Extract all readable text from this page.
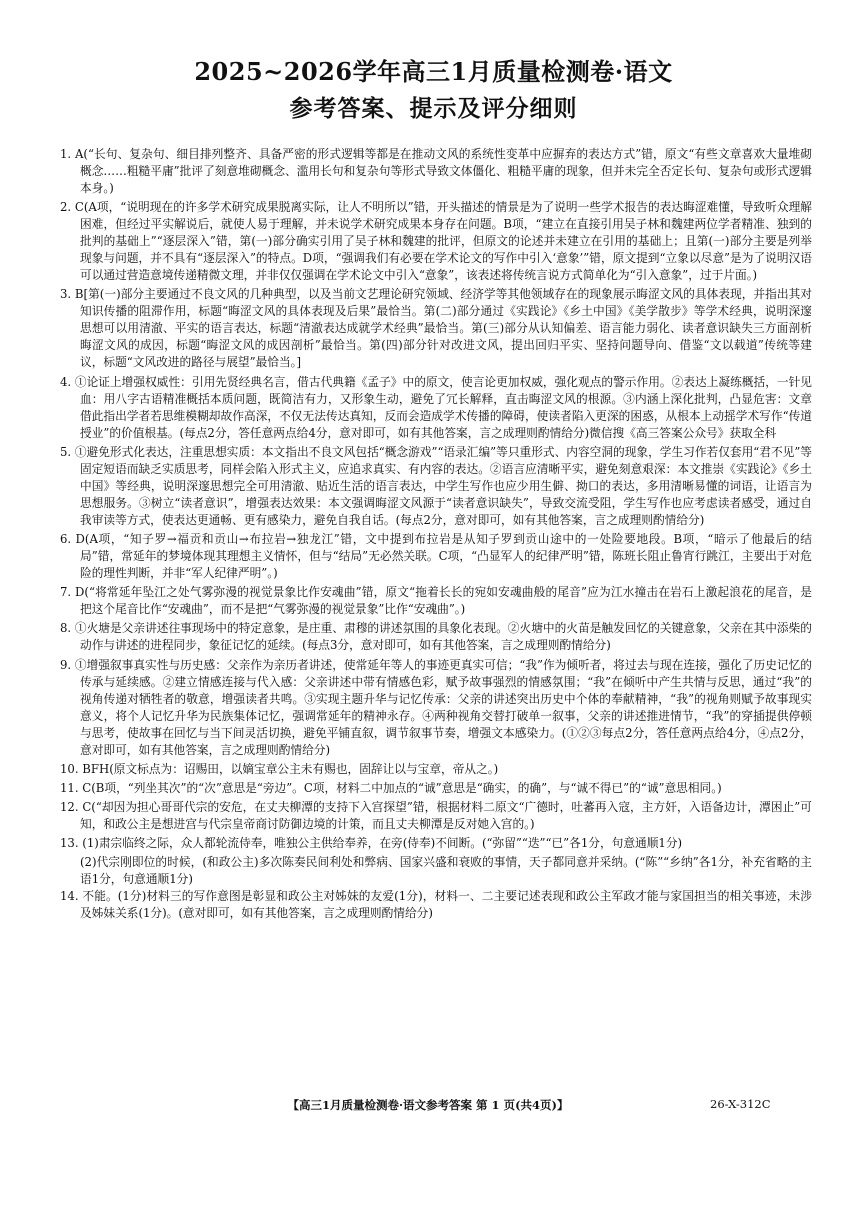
2025~2026学年高三1月质量检测卷·语文
参考答案、提示及评分细则

1. A(“长句、复杂句、细目排列整齐、具备严密的形式逻辑等都是在推动文风的系统性变革中应摒弃的表达方式”错，原文“有些文章喜欢大量堆砌概念……粗糙平庸”批评了刻意堆砌概念、滥用长句和复杂句等形式导致文体僵化、粗糙平庸的现象，但并未完全否定长句、复杂句或形式逻辑本身。)

2. C(A项，“说明现在的许多学术研究成果脱离实际，让人不明所以”错，开头描述的情景是为了说明一些学术报告的表达晦涩难懂，导致听众理解困难，但经过平实解说后，就使人易于理解，并未说学术研究成果本身存在问题。B项，“建立在直接引用吴子林和魏建两位学者精准、独到的批判的基础上”“逐层深入”错，第(一)部分确实引用了吴子林和魏建的批评，但原文的论述并未建立在引用的基础上；且第(一)部分主要是列举现象与问题，并不具有“逐层深入”的特点。D项，“强调我们有必要在学术论文的写作中引入‘意象’”错，原文提到“立象以尽意”是为了说明汉语可以通过营造意境传递精微文理，并非仅仅强调在学术论文中引入“意象”，该表述将传统言说方式简单化为“引入意象”，过于片面。)

3. B[第(一)部分主要通过不良文风的几种典型，以及当前文艺理论研究领域、经济学等其他领域存在的现象展示晦涩文风的具体表现，并指出其对知识传播的阻滞作用，标题“晦涩文风的具体表现及后果”最恰当。第(二)部分通过《实践论》《乡土中国》《美学散步》等学术经典，说明深邃思想可以用清澈、平实的语言表达，标题“清澈表达成就学术经典”最恰当。第(三)部分从认知偏差、语言能力弱化、读者意识缺失三方面剖析晦涩文风的成因，标题“晦涩文风的成因剖析”最恰当。第(四)部分针对改进文风，提出回归平实、坚持问题导向、借鉴“文以载道”传统等建议，标题“文风改进的路径与展望”最恰当。]

4. ①论证上增强权威性：引用先贤经典名言，借古代典籍《孟子》中的原文，使言论更加权威，强化观点的警示作用。②表达上凝练概括，一针见血：用八字古语精准概括本质问题，既简洁有力，又形象生动，避免了冗长解释，直击晦涩文风的根源。③内涵上深化批判，凸显危害：文章借此指出学者若思维模糊却故作高深，不仅无法传达真知，反而会造成学术传播的障碍，使读者陷入更深的困惑，从根本上动摇学术写作“传道授业”的价值根基。(每点2分，答任意两点给4分，意对即可，如有其他答案，言之成理则酌情给分)微信搜《高三答案公众号》获取全科

5. ①避免形式化表达，注重思想实质：本文指出不良文风包括“概念游戏”“语录汇编”等只重形式、内容空洞的现象，学生习作若仅套用“君不见”等固定短语而缺乏实质思考，同样会陷入形式主义，应追求真实、有内容的表达。②语言应清晰平实，避免刻意艰深：本文推崇《实践论》《乡土中国》等经典，说明深邃思想完全可用清澈、贴近生活的语言表达，中学生写作也应少用生僻、拗口的表达，多用清晰易懂的词语，让语言为思想服务。③树立“读者意识”，增强表达效果：本文强调晦涩文风源于“读者意识缺失”，导致交流受阻，学生写作也应考虑读者感受，通过自我审读等方式，使表达更通畅、更有感染力，避免自我自话。(每点2分，意对即可，如有其他答案，言之成理则酌情给分)

6. D(A项，“知子罗→福贡和贡山→布拉岩→独龙江”错，文中提到布拉岩是从知子罗到贡山途中的一处险要地段。B项，“暗示了他最后的结局”错，常延年的梦境体现其理想主义情怀，但与“结局”无必然关联。C项，“凸显军人的纪律严明”错，陈班长阻止鲁宵行跳江，主要出于对危险的理性判断，并非“军人纪律严明”。)

7. D(“将常延年坠江之处气雾弥漫的视觉景象比作安魂曲”错，原文“拖着长长的宛如安魂曲般的尾音”应为江水撞击在岩石上激起浪花的尾音，是把这个尾音比作“安魂曲”，而不是把“气雾弥漫的视觉景象”比作“安魂曲”。)

8. ①火塘是父亲讲述往事现场中的特定意象，是庄重、肃穆的讲述氛围的具象化表现。②火塘中的火苗是触发回忆的关键意象，父亲在其中添柴的动作与讲述的进程同步，象征记忆的延续。(每点3分，意对即可，如有其他答案，言之成理则酌情给分)

9. ①增强叙事真实性与历史感：父亲作为亲历者讲述，使常延年等人的事迹更真实可信；“我”作为倾听者，将过去与现在连接，强化了历史记忆的传承与延续感。②建立情感连接与代入感：父亲讲述中带有情感色彩，赋予故事强烈的情感氛围；“我”在倾听中产生共情与反思，通过“我”的视角传递对牺牲者的敬意，增强读者共鸣。③实现主题升华与记忆传承：父亲的讲述突出历史中个体的奉献精神，“我”的视角则赋予故事现实意义，将个人记忆升华为民族集体记忆，强调常延年的精神永存。④两种视角交替打破单一叙事，父亲的讲述推进情节，“我”的穿插提供停顿与思考，使故事在回忆与当下间灵活切换，避免平铺直叙，调节叙事节奏，增强文本感染力。(①②③每点2分，答任意两点给4分，④点2分，意对即可，如有其他答案，言之成理则酌情给分)

10. BFH(原文标点为：诏赐田，以嫡宝章公主未有赐也，固辞让以与宝章，帝从之。)

11. C(B项，“列坐其次”的“次”意思是“旁边”。C项，材料二中加点的“诚”意思是“确实，的确”，与“诚不得已”的“诚”意思相同。)

12. C(“却因为担心哥哥代宗的安危，在丈夫柳潭的支持下入宫探望”错，根据材料二原文“广德时，吐蕃再入寇，主方奸，入语备边计，潭困止”可知，和政公主是想进宫与代宗皇帝商讨防御边境的计策，而且丈夫柳潭是反对她入宫的。)

13. (1)肃宗临终之际，众人都轮流侍奉，唯独公主供给奉养，在旁(侍奉)不间断。(“弥留”“迭”“已”各1分，句意通顺1分)

(2)代宗刚即位的时候，(和政公主)多次陈奏民间利处和弊病、国家兴盛和衰败的事情，天子都同意并采纳。(“陈”“乡纳”各1分，补充省略的主语1分，句意通顺1分)

14. 不能。(1分)材料三的写作意图是彰显和政公主对姊妹的友爱(1分)，材料一、二主要记述表现和政公主军政才能与家国担当的相关事迹，未涉及姊妹关系(1分)。(意对即可，如有其他答案，言之成理则酌情给分)

【高三1月质量检测卷·语文参考答案 第 1 页(共4页)】	26-X-312C
